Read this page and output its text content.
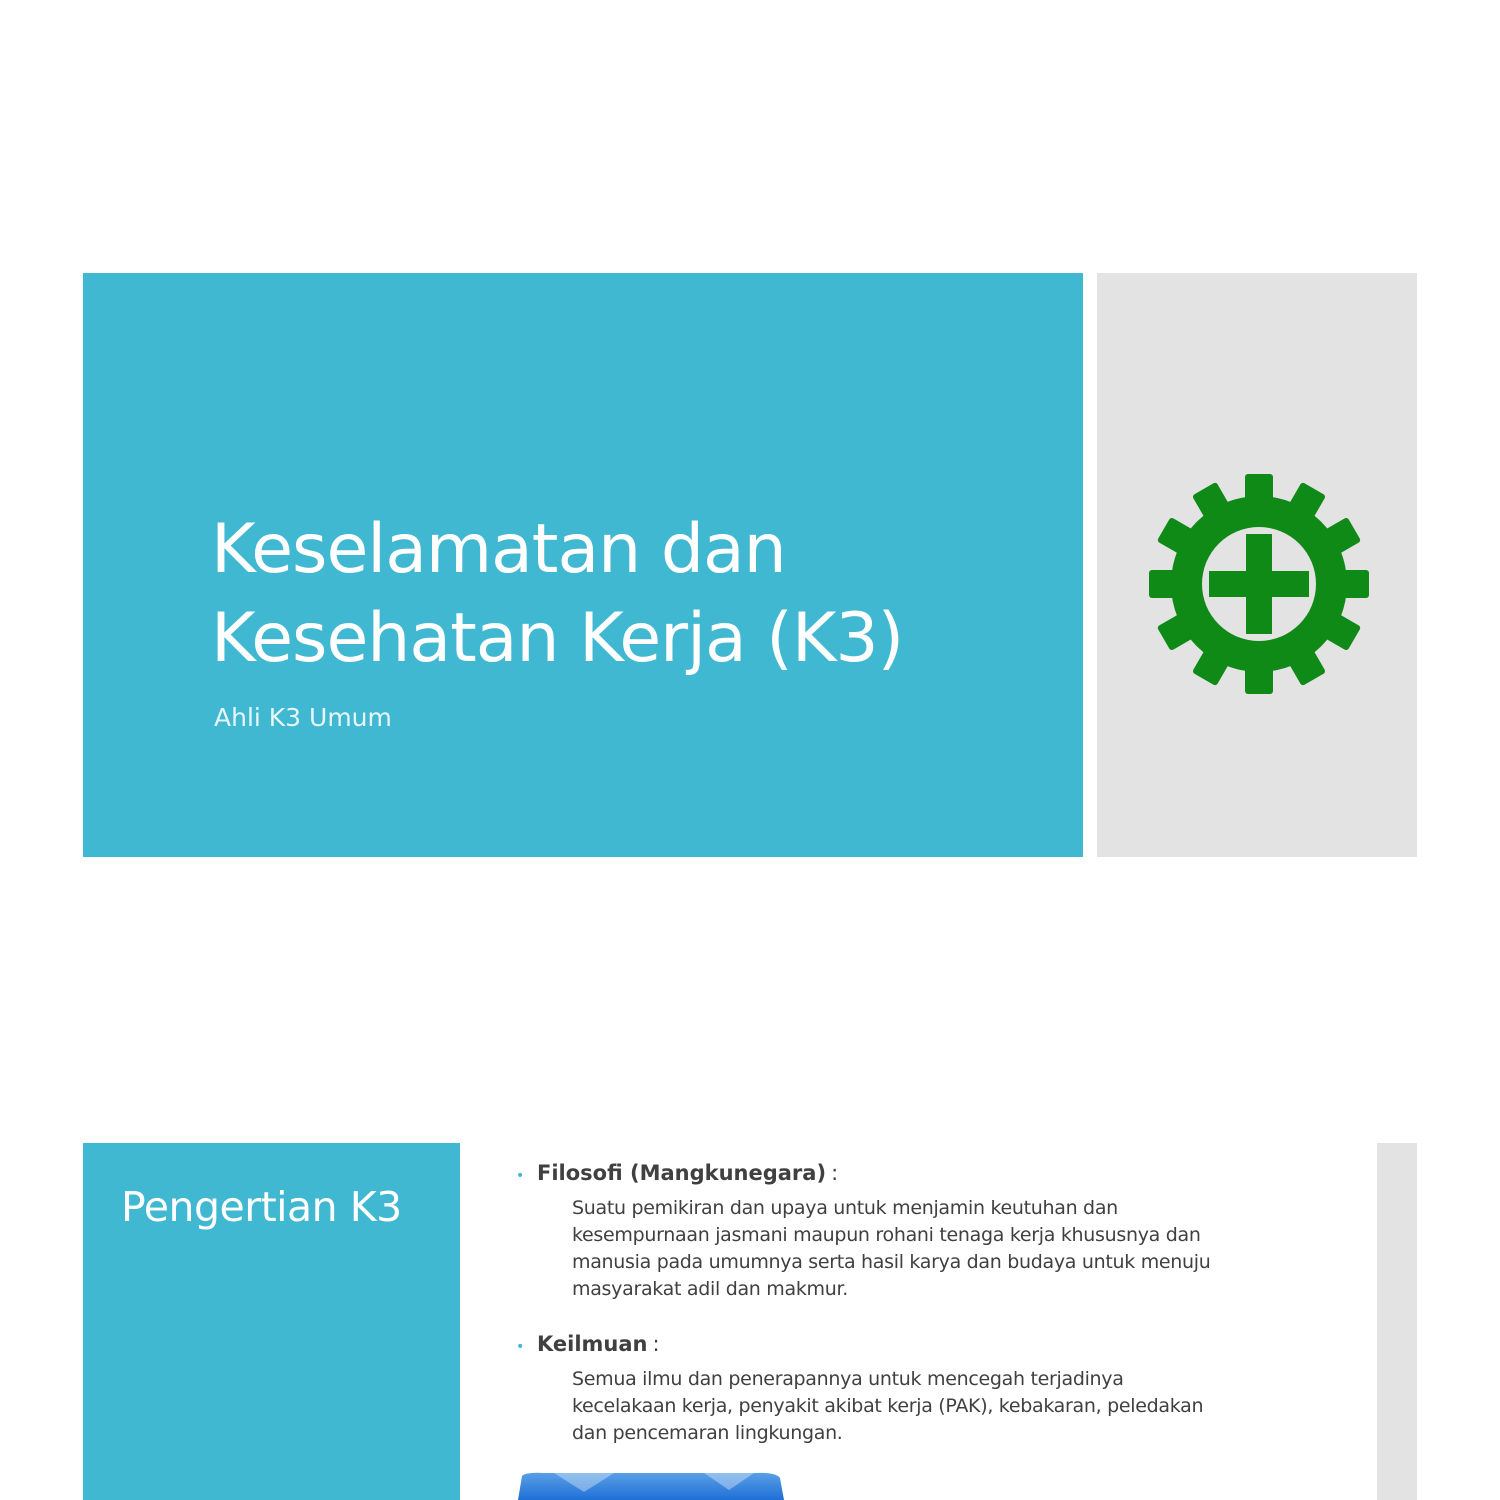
Keselamatan dan
Kesehatan Kerja (K3)

Ahli K3 Umum

Pengertian K3
• Filosofi (Mangkunegara) :

Suatu pemikiran dan upaya untuk menjamin keutuhan dan
kesempurnaan jasmani maupun rohani tenaga kerja khususnya dan
manusia pada umumnya serta hasil karya dan budaya untuk menuju
masyarakat adil dan makmur.

• Keilmuan :

Semua ilmu dan penerapannya untuk mencegah terjadinya
kecelakaan kerja, penyakit akibat kerja (PAK), kebakaran, peledakan
dan pencemaran lingkungan.
